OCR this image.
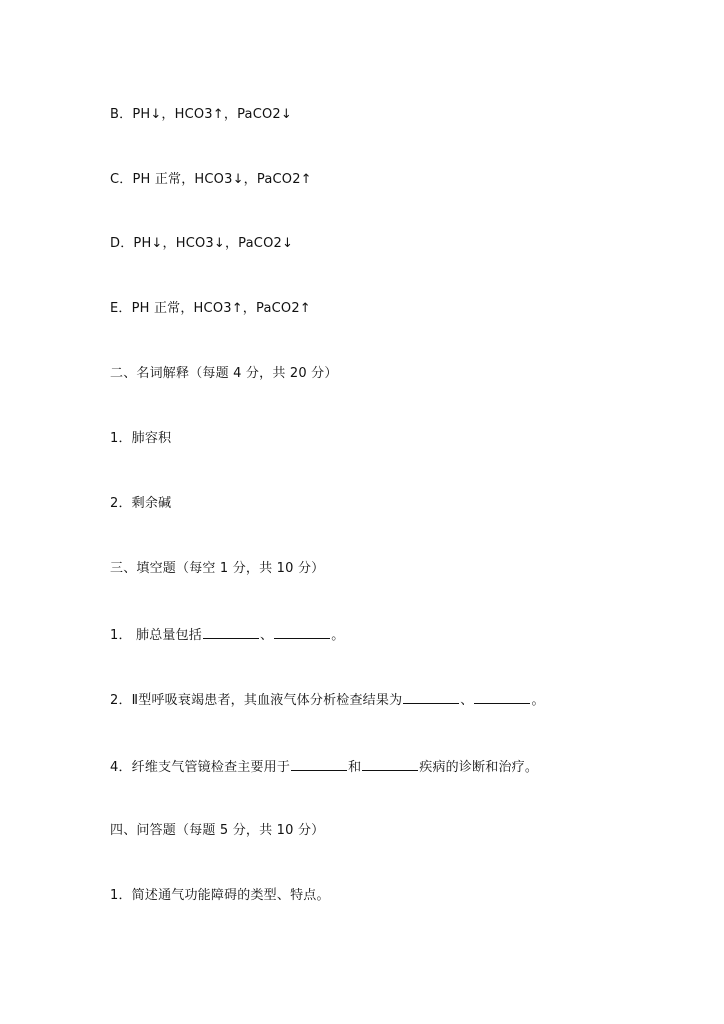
B．PH↓，HCO3↑，PaCO2↓
C．PH 正常，HCO3↓，PaCO2↑
D．PH↓，HCO3↓，PaCO2↓
E．PH 正常，HCO3↑，PaCO2↑
二、名词解释（每题 4 分，共 20 分）
1．肺容积
2．剩余碱
三、填空题（每空 1 分，共 10 分）
1． 肺总量包括	、	。
2．Ⅱ型呼吸衰竭患者，其血液气体分析检查结果为	、	。
4．纤维支气管镜检查主要用于	和	疾病的诊断和治疗。
四、问答题（每题 5 分，共 10 分）
1．简述通气功能障碍的类型、特点。
